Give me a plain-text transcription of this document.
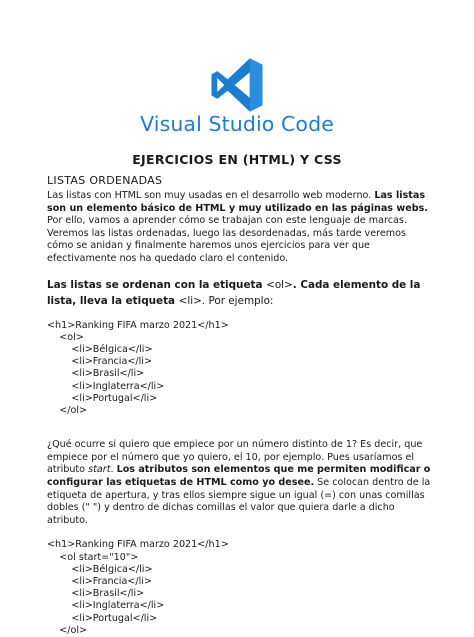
Visual Studio Code
EJERCICIOS EN (HTML) Y CSS
LISTAS ORDENADAS

Las listas con HTML son muy usadas en el desarrollo web moderno. Las listas son un elemento básico de HTML y muy utilizado en las páginas webs. Por ello, vamos a aprender cómo se trabajan con este lenguaje de marcas. Veremos las listas ordenadas, luego las desordenadas, más tarde veremos cómo se anidan y finalmente haremos unos ejercicios para ver que efectivamente nos ha quedado claro el contenido.

Las listas se ordenan con la etiqueta <ol>. Cada elemento de la lista, lleva la etiqueta <li>. Por ejemplo:

<h1>Ranking FIFA marzo 2021</h1>
<ol>
<li>Bélgica</li>
<li>Francia</li>
<li>Brasil</li>
<li>Inglaterra</li>
<li>Portugal</li>
</ol>

¿Qué ocurre si quiero que empiece por un número distinto de 1? Es decir, que empiece por el número que yo quiero, el 10, por ejemplo. Pues usaríamos el atributo start. Los atributos son elementos que me permiten modificar o configurar las etiquetas de HTML como yo desee. Se colocan dentro de la etiqueta de apertura, y tras ellos siempre sigue un igual (=) con unas comillas dobles (" ") y dentro de dichas comillas el valor que quiera darle a dicho atributo.

<h1>Ranking FIFA marzo 2021</h1>
<ol start="10">
<li>Bélgica</li>
<li>Francia</li>
<li>Brasil</li>
<li>Inglaterra</li>
<li>Portugal</li>
</ol>
